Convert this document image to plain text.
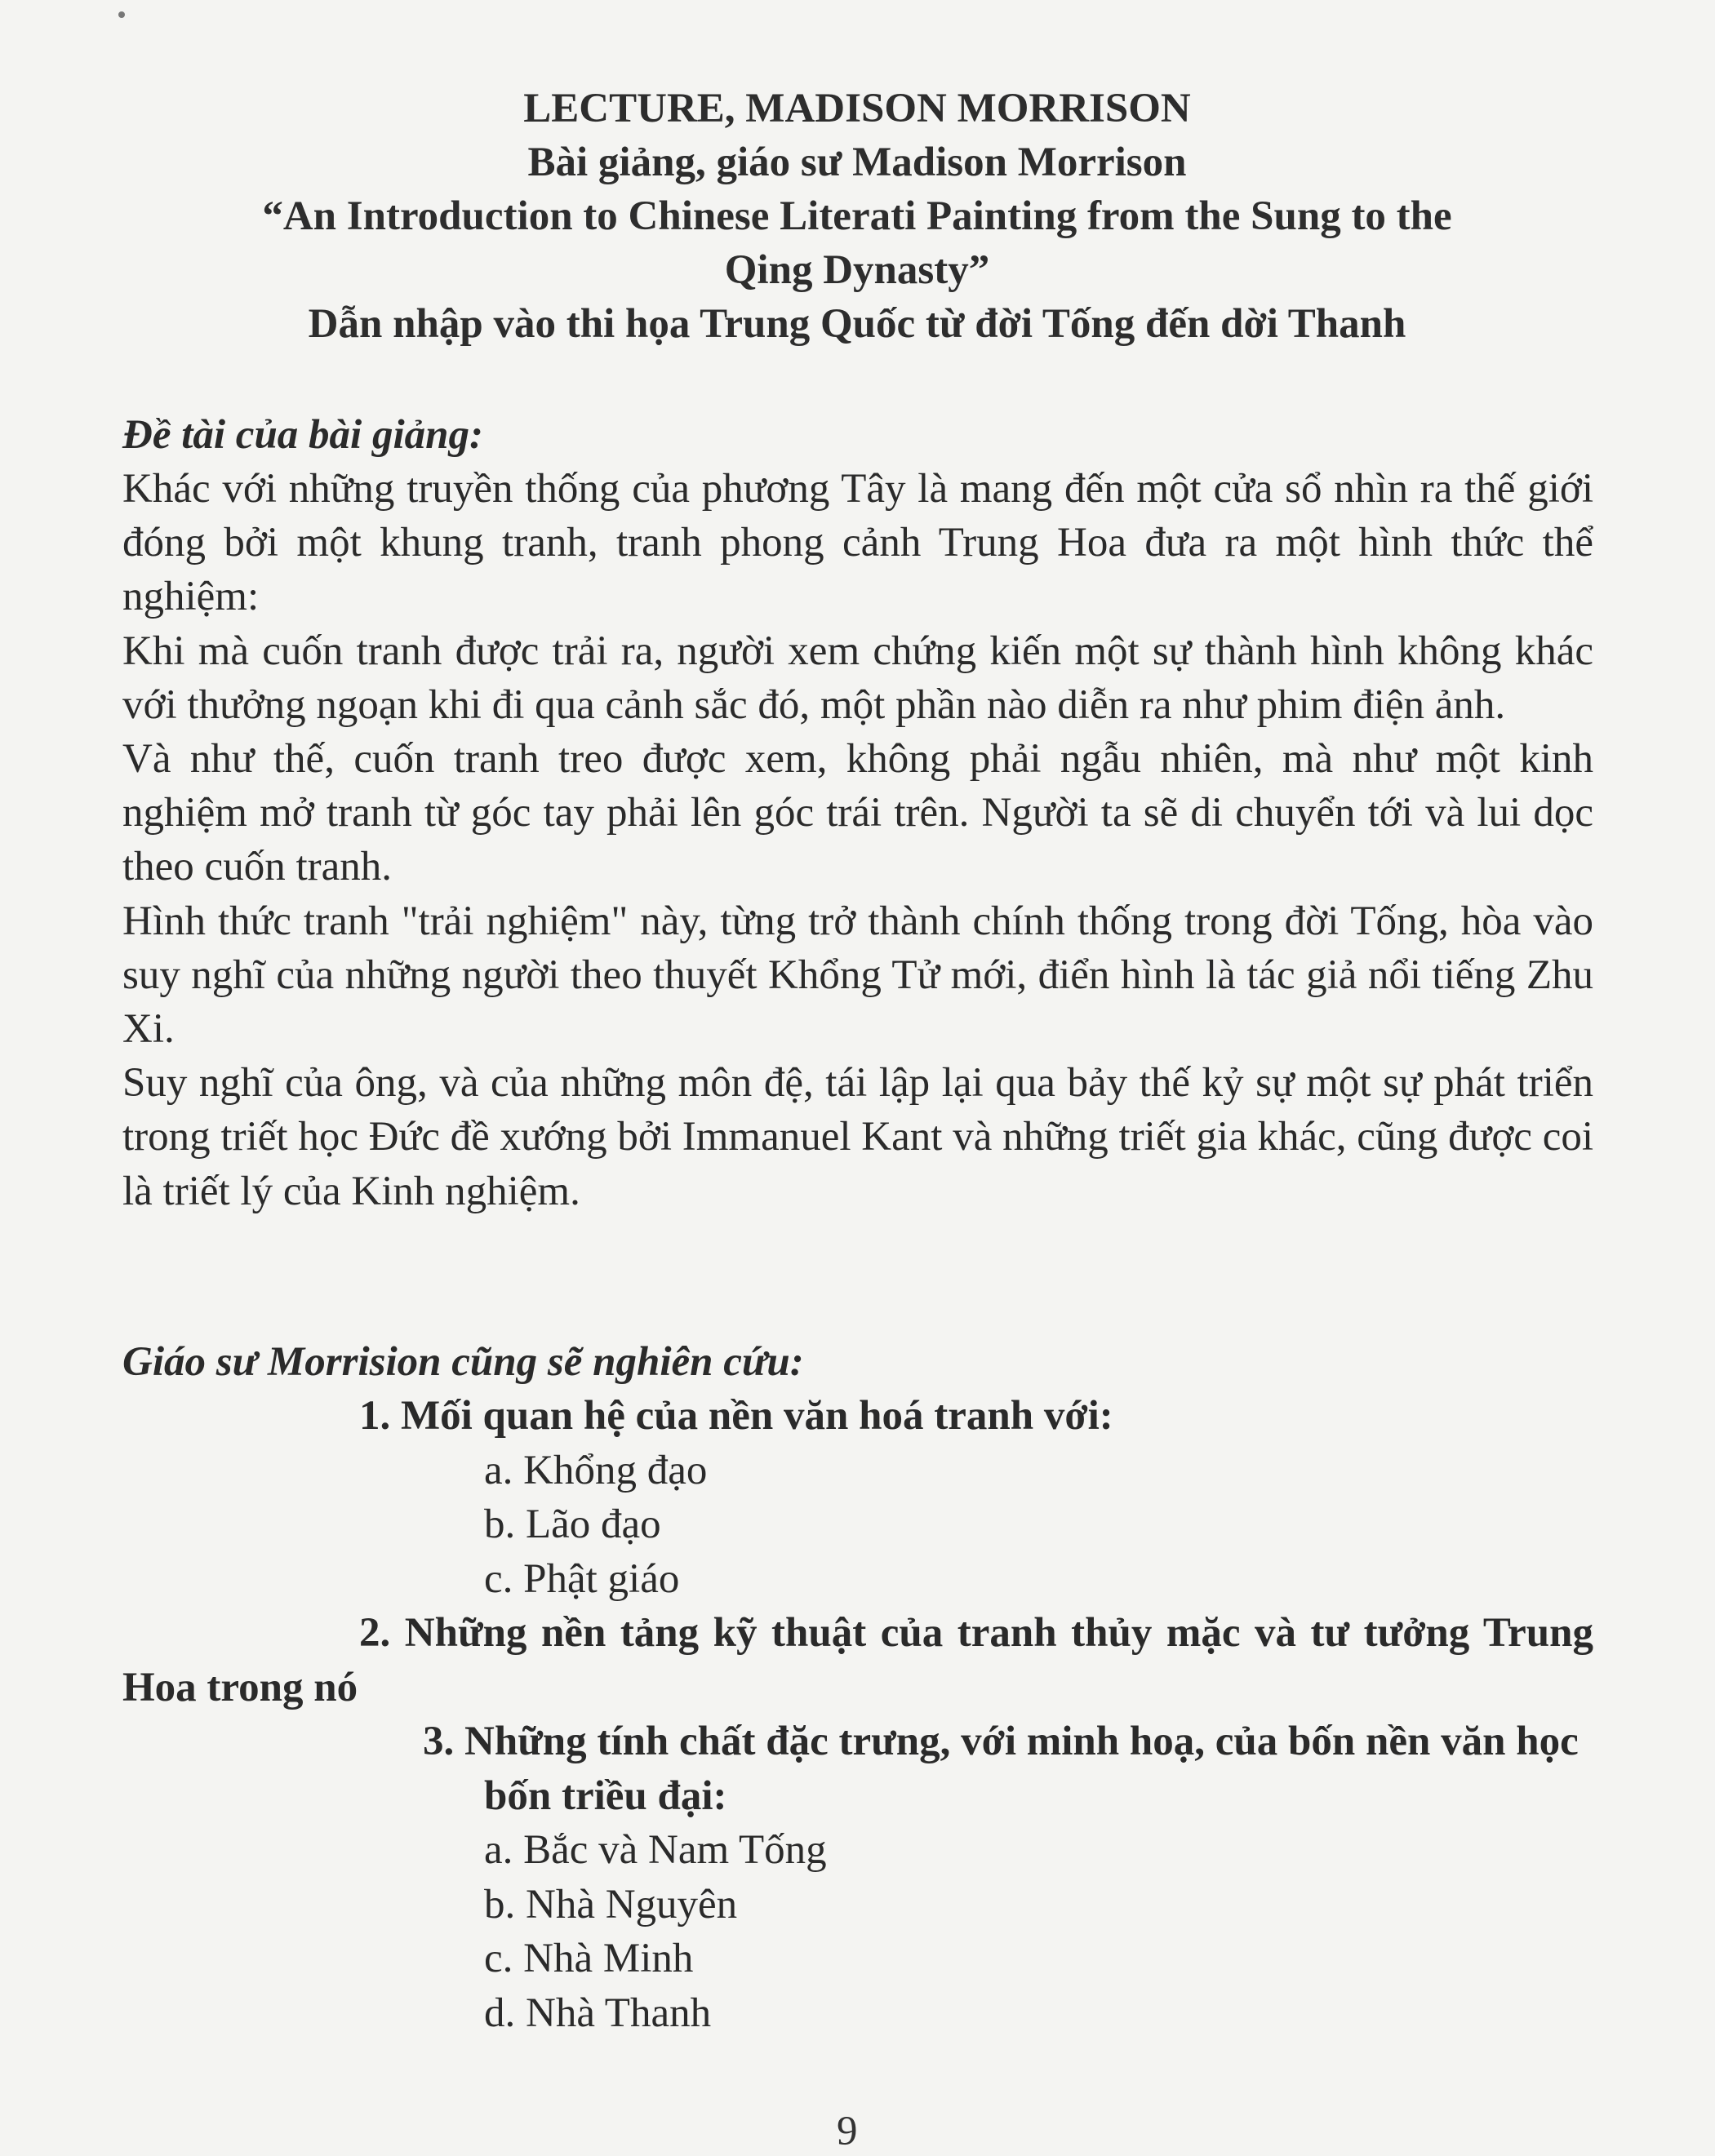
LECTURE, MADISON MORRISON
Bài giảng, giáo sư Madison Morrison
“An Introduction to Chinese Literati Painting from the Sung to the
Qing Dynasty”
Dẫn nhập vào thi họa Trung Quốc từ đời Tống đến dời Thanh
Đề tài của bài giảng:

Khác với những truyền thống của phương Tây là mang đến một cửa sổ nhìn ra thế giới đóng bởi một khung tranh, tranh phong cảnh Trung Hoa đưa ra một hình thức thể nghiệm:

Khi mà cuốn tranh được trải ra, người xem chứng kiến một sự thành hình không khác với thưởng ngoạn khi đi qua cảnh sắc đó, một phần nào diễn ra như phim điện ảnh.

Và như thế, cuốn tranh treo được xem, không phải ngẫu nhiên, mà như một kinh nghiệm mở tranh từ góc tay phải lên góc trái trên. Người ta sẽ di chuyển tới và lui dọc theo cuốn tranh.

Hình thức tranh "trải nghiệm" này, từng trở thành chính thống trong đời Tống, hòa vào suy nghĩ của những người theo thuyết Khổng Tử mới, điển hình là tác giả nổi tiếng Zhu Xi.

Suy nghĩ của ông, và của những môn đệ, tái lập lại qua bảy thế kỷ sự một sự phát triển trong triết học Đức đề xướng bởi Immanuel Kant và những triết gia khác, cũng được coi là triết lý của Kinh nghiệm.

Giáo sư Morrision cũng sẽ nghiên cứu:

1. Mối quan hệ của nền văn hoá tranh với:

a. Khổng đạo

b. Lão đạo

c. Phật giáo

2. Những nền tảng kỹ thuật của tranh thủy mặc và tư tưởng Trung Hoa trong nó

3. Những tính chất đặc trưng, với minh hoạ, của bốn nền văn học bốn triều đại:

a. Bắc và Nam Tống

b. Nhà Nguyên

c. Nhà Minh

d. Nhà Thanh

9
